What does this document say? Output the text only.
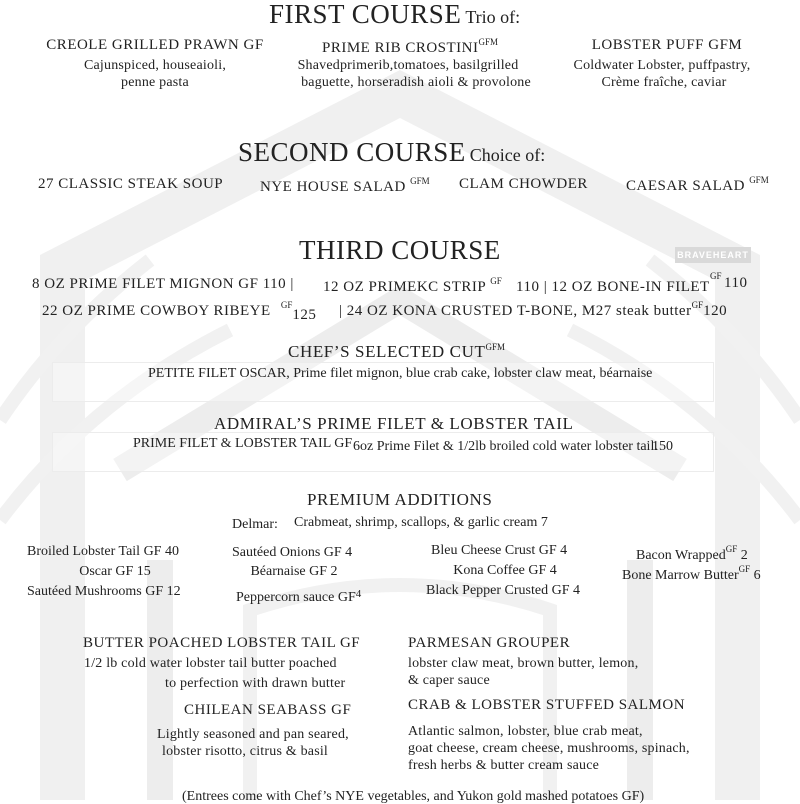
BRAVEHEART
FIRST COURSE Trio of:
CREOLE GRILLED PRAWN GF
Cajunspiced, houseaioli,
penne pasta
PRIME RIB $CROSTINI^{GFM}$
Shavedprimerib,tomatoes, basilgrilled
baguette, horseradish aioli & provolone
LOBSTER PUFF GFM
Coldwater Lobster, puffpastry,
Crème fraîche, caviar
SECOND COURSE Choice of:
27 CLASSIC STEAK SOUP NYE HOUSE SALAD $^{GFM}$ CLAM CHOWDER	CAESAR SALAD $^{GFM}$
THIRD COURSE
8 OZ PRIME FILET MIGNON GF 110 | 12 OZ PRIMEKC STRIP $^{GF}$ 110 | 12 OZ BONE-IN FILET
GF 110
22 OZ PRIME COWBOY RIBEYE $^{GF}$125 | 24 OZ KONA CRUSTED T-BONE, M27 steak butter$^{GF}$120
CHEF’S SELECTED $CUT^{GFM}$
PETITE FILET OSCAR, Prime filet mignon, blue crab cake, lobster claw meat, béarnaise
ADMIRAL’S PRIME FILET & LOBSTER TAIL
PRIME FILET & LOBSTER TAIL GF 6oz Prime Filet & 1/2lb broiled cold water lobster tail.
150
PREMIUM ADDITIONS
Delmar: Crabmeat, shrimp, scallops, & garlic cream 7
Broiled Lobster Tail GF 40
Oscar GF 15
Sautéed Mushrooms GF 12
Sautéed Onions GF 4
Béarnaise GF 2
Peppercorn sauce $GF^4$
Bleu Cheese Crust GF 4
Kona Coffee GF 4
Black Pepper Crusted GF 4
Bacon Wrapped$^{GF}$ 2
Bone Marrow Butter$^{GF}$ 6
BUTTER POACHED LOBSTER TAIL GF
1/2 lb cold water lobster tail butter poached
to perfection with drawn butter
CHILEAN SEABASS GF
Lightly seasoned and pan seared,
lobster risotto, citrus & basil
PARMESAN GROUPER
lobster claw meat, brown butter, lemon,
& caper sauce
CRAB & LOBSTER STUFFED SALMON
Atlantic salmon, lobster, blue crab meat,
goat cheese, cream cheese, mushrooms, spinach,
fresh herbs & butter cream sauce
(Entrees come with Chef’s NYE vegetables, and Yukon gold mashed potatoes GF)
